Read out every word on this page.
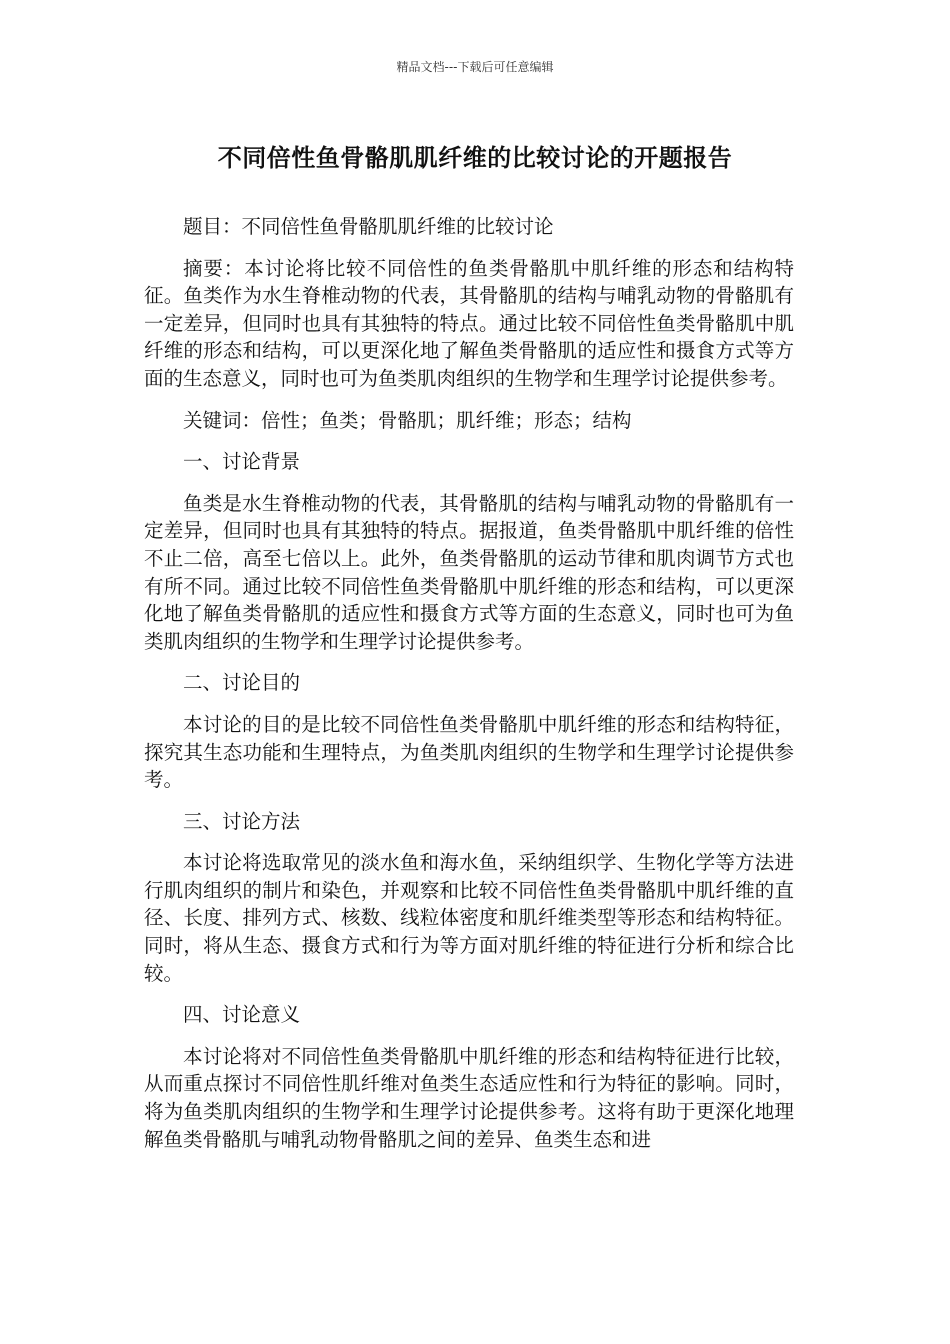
精品文档---下载后可任意编辑
不同倍性鱼骨骼肌肌纤维的比较讨论的开题报告

题目：不同倍性鱼骨骼肌肌纤维的比较讨论

摘要：本讨论将比较不同倍性的鱼类骨骼肌中肌纤维的形态和结构特征。鱼类作为水生脊椎动物的代表，其骨骼肌的结构与哺乳动物的骨骼肌有一定差异，但同时也具有其独特的特点。通过比较不同倍性鱼类骨骼肌中肌纤维的形态和结构，可以更深化地了解鱼类骨骼肌的适应性和摄食方式等方面的生态意义，同时也可为鱼类肌肉组织的生物学和生理学讨论提供参考。

关键词：倍性；鱼类；骨骼肌；肌纤维；形态；结构

一、讨论背景

鱼类是水生脊椎动物的代表，其骨骼肌的结构与哺乳动物的骨骼肌有一定差异，但同时也具有其独特的特点。据报道，鱼类骨骼肌中肌纤维的倍性不止二倍，高至七倍以上。此外，鱼类骨骼肌的运动节律和肌肉调节方式也有所不同。通过比较不同倍性鱼类骨骼肌中肌纤维的形态和结构，可以更深化地了解鱼类骨骼肌的适应性和摄食方式等方面的生态意义，同时也可为鱼类肌肉组织的生物学和生理学讨论提供参考。

二、讨论目的

本讨论的目的是比较不同倍性鱼类骨骼肌中肌纤维的形态和结构特征，探究其生态功能和生理特点，为鱼类肌肉组织的生物学和生理学讨论提供参考。

三、讨论方法

本讨论将选取常见的淡水鱼和海水鱼，采纳组织学、生物化学等方法进行肌肉组织的制片和染色，并观察和比较不同倍性鱼类骨骼肌中肌纤维的直径、长度、排列方式、核数、线粒体密度和肌纤维类型等形态和结构特征。同时，将从生态、摄食方式和行为等方面对肌纤维的特征进行分析和综合比较。

四、讨论意义

本讨论将对不同倍性鱼类骨骼肌中肌纤维的形态和结构特征进行比较，从而重点探讨不同倍性肌纤维对鱼类生态适应性和行为特征的影响。同时，将为鱼类肌肉组织的生物学和生理学讨论提供参考。这将有助于更深化地理解鱼类骨骼肌与哺乳动物骨骼肌之间的差异、鱼类生态和进
